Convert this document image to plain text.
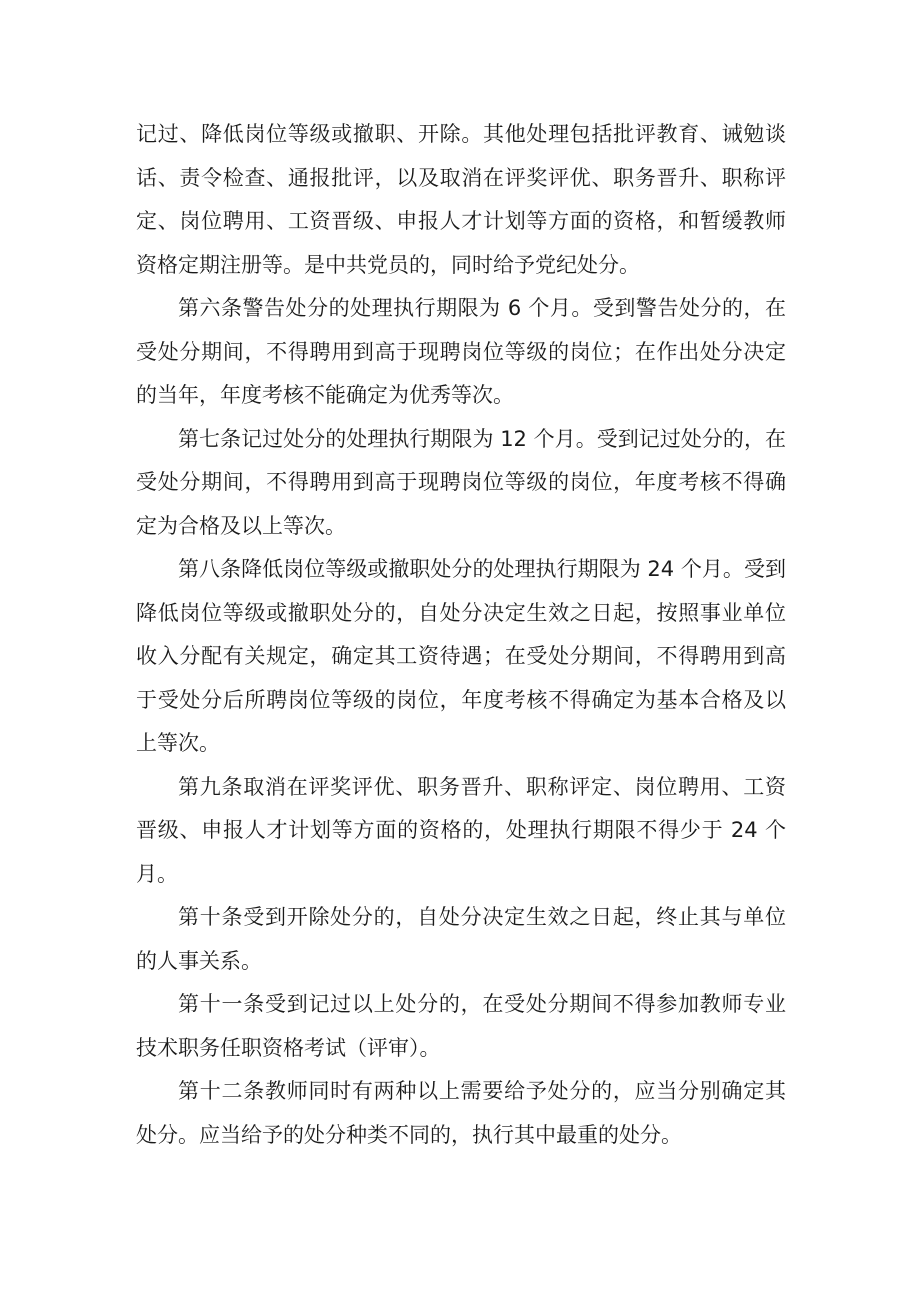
记过、降低岗位等级或撤职、开除。其他处理包括批评教育、诫勉谈话、责令检查、通报批评，以及取消在评奖评优、职务晋升、职称评定、岗位聘用、工资晋级、申报人才计划等方面的资格，和暂缓教师资格定期注册等。是中共党员的，同时给予党纪处分。

第六条警告处分的处理执行期限为 6 个月。受到警告处分的，在受处分期间，不得聘用到高于现聘岗位等级的岗位；在作出处分决定的当年，年度考核不能确定为优秀等次。

第七条记过处分的处理执行期限为 12 个月。受到记过处分的，在受处分期间，不得聘用到高于现聘岗位等级的岗位，年度考核不得确定为合格及以上等次。

第八条降低岗位等级或撤职处分的处理执行期限为 24 个月。受到降低岗位等级或撤职处分的，自处分决定生效之日起，按照事业单位收入分配有关规定，确定其工资待遇；在受处分期间，不得聘用到高于受处分后所聘岗位等级的岗位，年度考核不得确定为基本合格及以上等次。

第九条取消在评奖评优、职务晋升、职称评定、岗位聘用、工资晋级、申报人才计划等方面的资格的，处理执行期限不得少于 24 个月。

第十条受到开除处分的，自处分决定生效之日起，终止其与单位的人事关系。

第十一条受到记过以上处分的，在受处分期间不得参加教师专业技术职务任职资格考试（评审）。

第十二条教师同时有两种以上需要给予处分的，应当分别确定其处分。应当给予的处分种类不同的，执行其中最重的处分。
